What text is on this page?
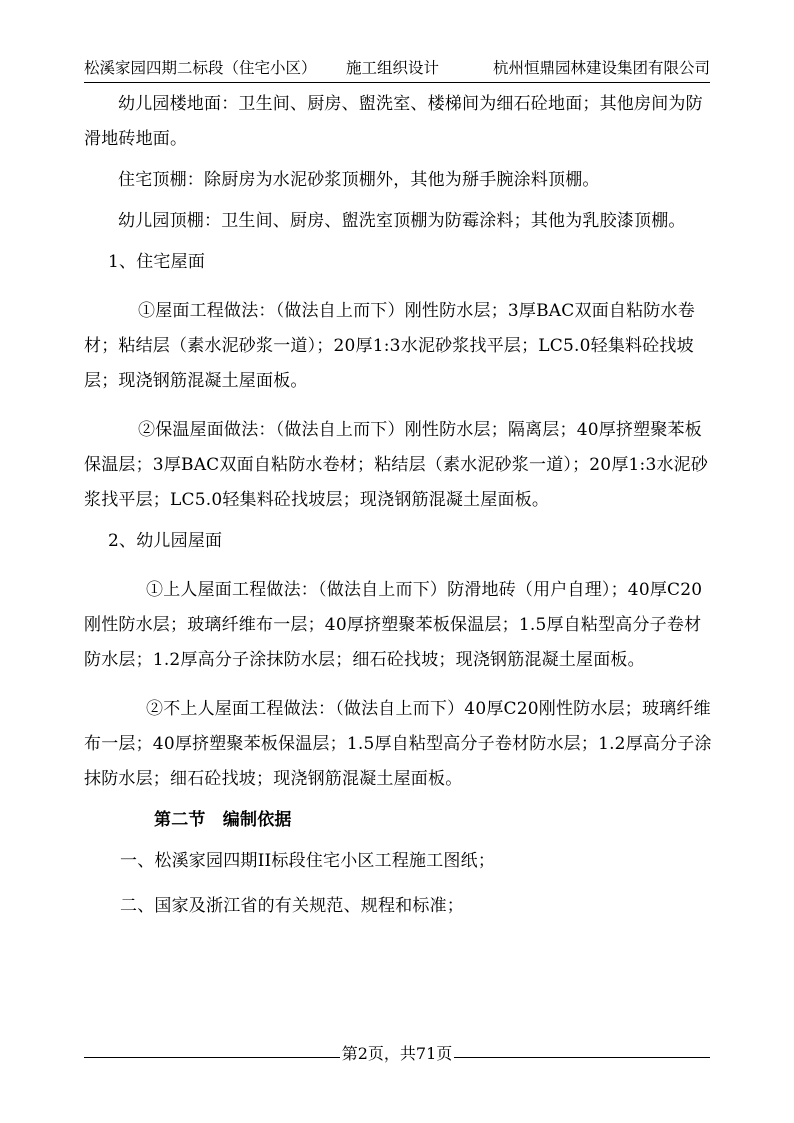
松溪家园四期二标段（住宅小区） 施工组织设计	杭州恒鼎园林建设集团有限公司

幼儿园楼地面：卫生间、厨房、盥洗室、楼梯间为细石砼地面；其他房间为防滑地砖地面。

住宅顶棚：除厨房为水泥砂浆顶棚外，其他为掰手腕涂料顶棚。

幼儿园顶棚：卫生间、厨房、盥洗室顶棚为防霉涂料；其他为乳胶漆顶棚。

1、住宅屋面

①屋面工程做法：（做法自上而下）刚性防水层；3厚BAC双面自粘防水卷材；粘结层（素水泥砂浆一道）；20厚1:3水泥砂浆找平层；LC5.0轻集料砼找坡层；现浇钢筋混凝土屋面板。

②保温屋面做法：（做法自上而下）刚性防水层；隔离层；40厚挤塑聚苯板保温层；3厚BAC双面自粘防水卷材；粘结层（素水泥砂浆一道）；20厚1:3水泥砂浆找平层；LC5.0轻集料砼找坡层；现浇钢筋混凝土屋面板。

2、幼儿园屋面

①上人屋面工程做法：（做法自上而下）防滑地砖（用户自理）；40厚C20刚性防水层；玻璃纤维布一层；40厚挤塑聚苯板保温层；1.5厚自粘型高分子卷材防水层；1.2厚高分子涂抹防水层；细石砼找坡；现浇钢筋混凝土屋面板。

②不上人屋面工程做法：（做法自上而下）40厚C20刚性防水层；玻璃纤维布一层；40厚挤塑聚苯板保温层；1.5厚自粘型高分子卷材防水层；1.2厚高分子涂抹防水层；细石砼找坡；现浇钢筋混凝土屋面板。

第二节　编制依据

一、松溪家园四期II标段住宅小区工程施工图纸；

二、国家及浙江省的有关规范、规程和标准；

第2页，共71页
